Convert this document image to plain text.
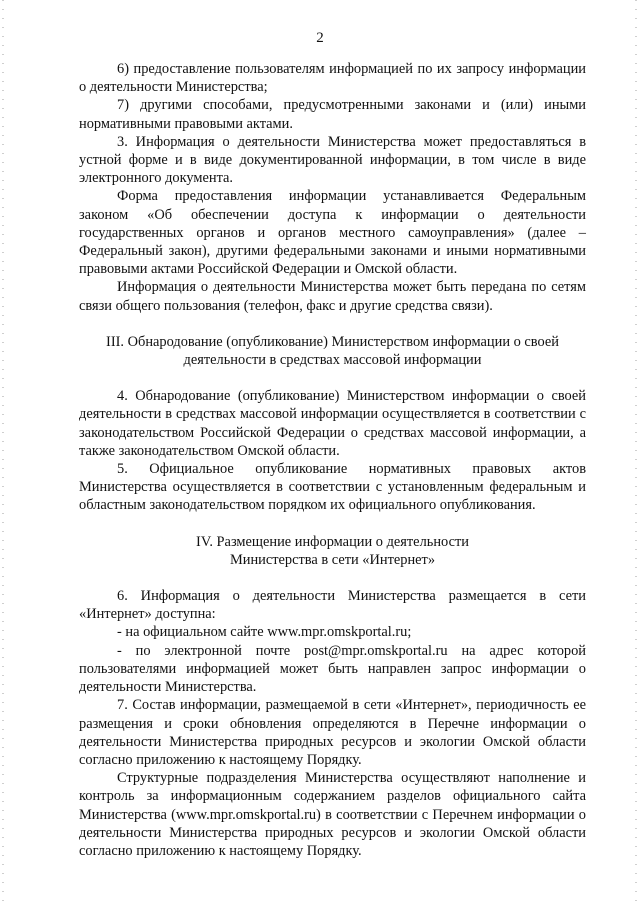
2

6) предоставление пользователям информацией по их запросу информации о деятельности Министерства;

7) другими способами, предусмотренными законами и (или) иными нормативными правовыми актами.

3. Информация о деятельности Министерства может предоставляться в устной форме и в виде документированной информации, в том числе в виде электронного документа.

Форма предоставления информации устанавливается Федеральным законом «Об обеспечении доступа к информации о деятельности государственных органов и органов местного самоуправления» (далее – Федеральный закон), другими федеральными законами и иными нормативными правовыми актами Российской Федерации и Омской области.

Информация о деятельности Министерства может быть передана по сетям связи общего пользования (телефон, факс и другие средства связи).

III. Обнародование (опубликование) Министерством информации о своей
деятельности в средствах массовой информации

4. Обнародование (опубликование) Министерством информации о своей деятельности в средствах массовой информации осуществляется в соответствии с законодательством Российской Федерации о средствах массовой информации, а также законодательством Омской области.

5. Официальное опубликование нормативных правовых актов Министерства осуществляется в соответствии с установленным федеральным и областным законодательством порядком их официального опубликования.

IV. Размещение информации о деятельности
Министерства в сети «Интернет»

6. Информация о деятельности Министерства размещается в сети «Интернет» доступна:

- на официальном сайте www.mpr.omskportal.ru;

- по электронной почте post@mpr.omskportal.ru на адрес которой пользователями информацией может быть направлен запрос информации о деятельности Министерства.

7. Состав информации, размещаемой в сети «Интернет», периодичность ее размещения и сроки обновления определяются в Перечне информации о деятельности Министерства природных ресурсов и экологии Омской области согласно приложению к настоящему Порядку.

Структурные подразделения Министерства осуществляют наполнение и контроль за информационным содержанием разделов официального сайта Министерства (www.mpr.omskportal.ru) в соответствии с Перечнем информации о деятельности Министерства природных ресурсов и экологии Омской области согласно приложению к настоящему Порядку.
